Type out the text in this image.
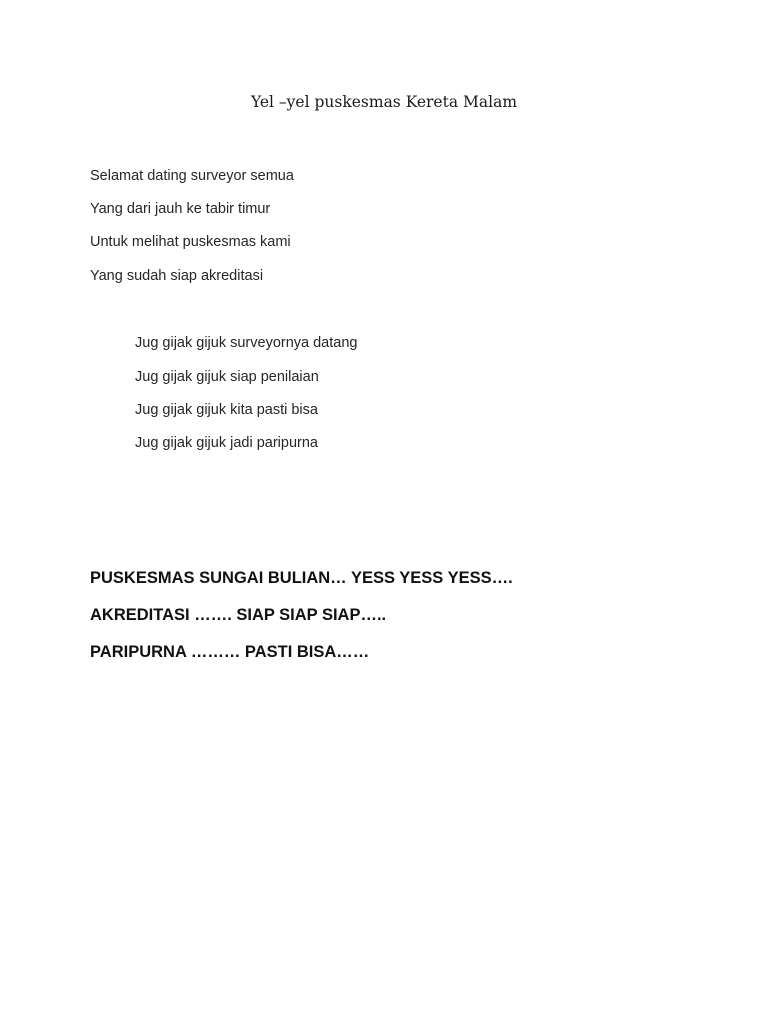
Yel –yel puskesmas Kereta Malam
Selamat dating surveyor semua
Yang dari jauh ke tabir timur
Untuk melihat puskesmas kami
Yang sudah siap akreditasi
Jug gijak gijuk surveyornya datang
Jug gijak gijuk siap penilaian
Jug gijak gijuk kita pasti bisa
Jug gijak gijuk jadi paripurna
PUSKESMAS SUNGAI BULIAN… YESS YESS YESS….
AKREDITASI ……. SIAP SIAP SIAP…..
PARIPURNA ……… PASTI BISA……
